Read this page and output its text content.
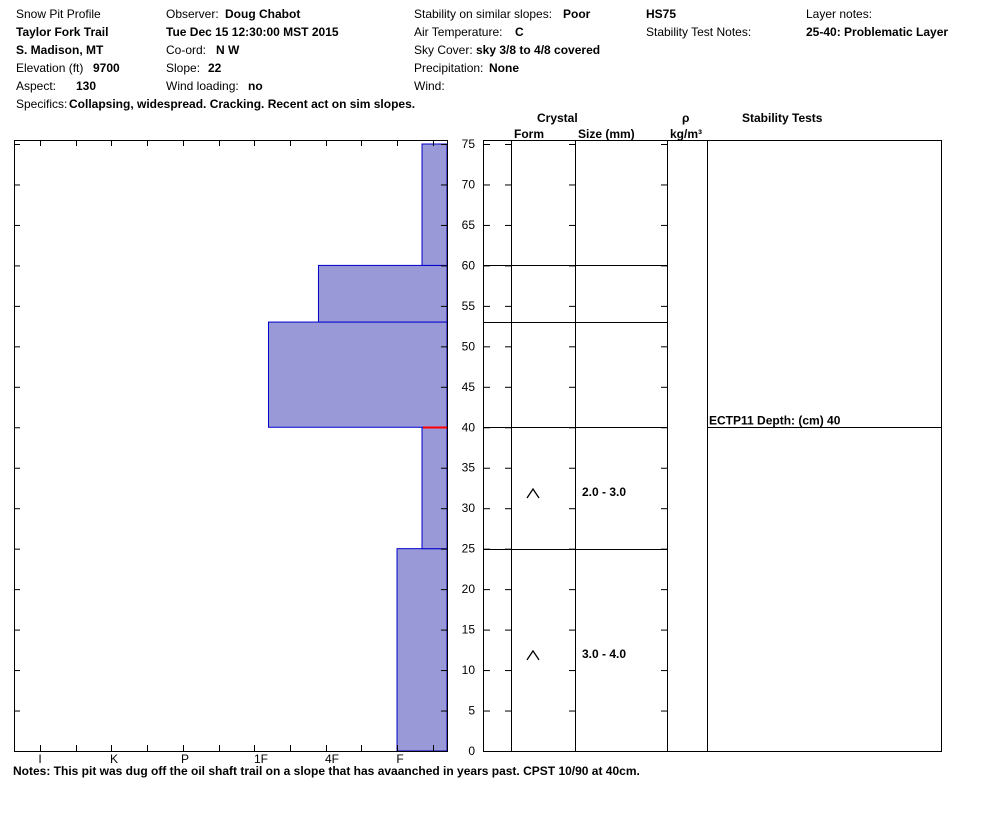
Snow Pit Profile
Taylor Fork Trail
S. Madison, MT
Elevation (ft) 9700
Aspect: 130
Specifics: Collapsing, widespread. Cracking. Recent act on sim slopes.
Observer: Doug Chabot
Tue Dec 15 12:30:00 MST 2015
Co-ord: N W
Slope: 22
Wind loading: no
Stability on similar slopes: Poor
Air Temperature: C
Sky Cover: sky 3/8 to 4/8 covered
Precipitation: None
Wind:
HS75
Stability Test Notes:
Layer notes:
25-40: Problematic Layer
Crystal
Form	Size (mm)
ρ
kg/m³
Stability Tests
0
5
10
15
20
25
30
35
40
45
50
55
60
65
70
75
I	K	P	1F	4F	F
2.0 - 3.0
3.0 - 4.0
ECTP11 Depth: (cm) 40
Notes: This pit was dug off the oil shaft trail on a slope that has avaanched in years past. CPST 10/90 at 40cm.
